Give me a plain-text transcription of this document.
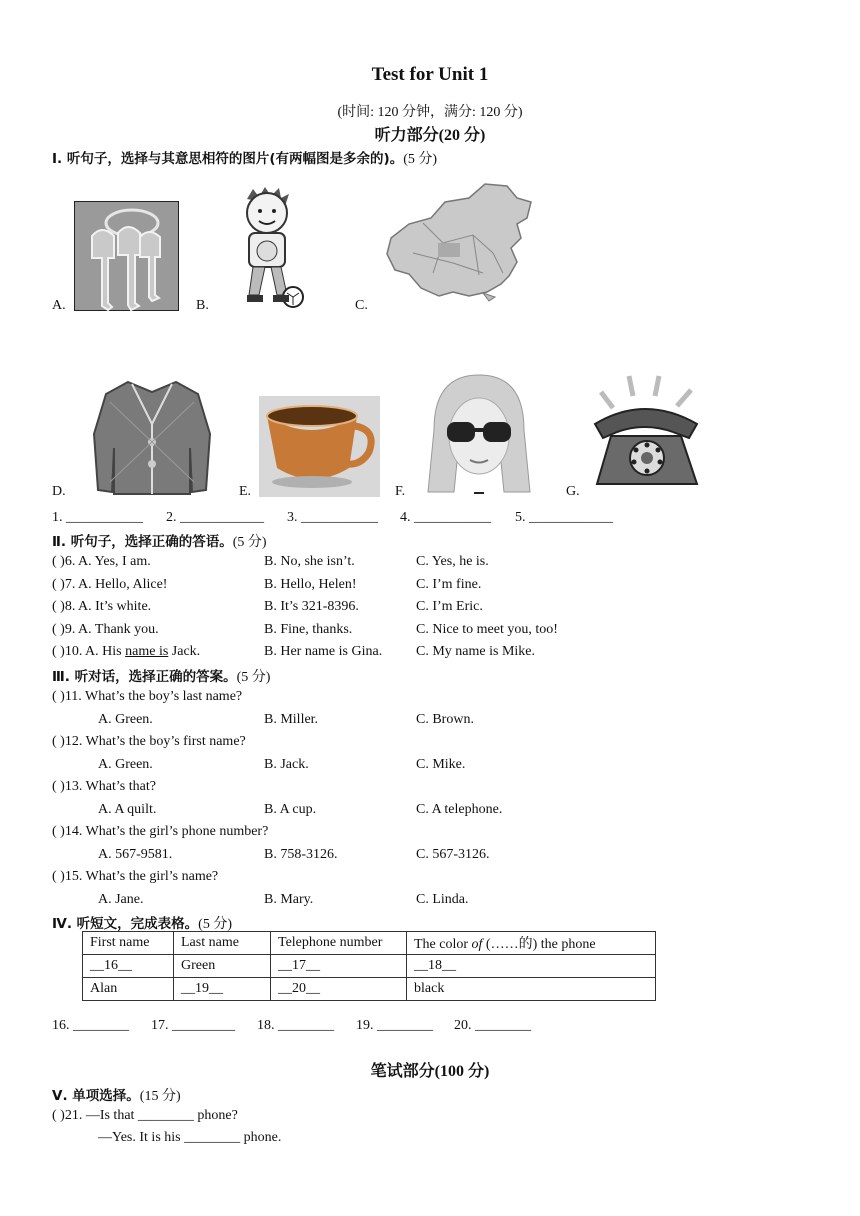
Test for Unit 1
(时间: 120 分钟，满分: 120 分)
听力部分(20 分)
Ⅰ. 听句子，选择与其意思相符的图片(有两幅图是多余的)。(5 分)
A.	B.	C.
D.	E.	F.	G.
1. ___________ 2. ____________ 3. ___________ 4. ___________ 5. ____________
Ⅱ. 听句子，选择正确的答语。(5 分)
( )6. A. Yes, I am.	B. No, she isn’t.	C. Yes, he is.
( )7. A. Hello, Alice!	B. Hello, Helen!	C. I’m fine.
( )8. A. It’s white.	B. It’s 321-8396.	C. I’m Eric.
( )9. A. Thank you.	B. Fine, thanks.	C. Nice to meet you, too!
( )10. A. His name is Jack.	B. Her name is Gina. C. My name is Mike.
Ⅲ. 听对话，选择正确的答案。(5 分)
( )11. What’s the boy’s last name?
A. Green.	B. Miller.	C. Brown.
( )12. What’s the boy’s first name?
A. Green.	B. Jack.	C. Mike.
( )13. What’s that?
A. A quilt.	B. A cup.	C. A telephone.
( )14. What’s the girl’s phone number?
A. 567-9581.	B. 758-3126.	C. 567-3126.
( )15. What’s the girl’s name?
A. Jane.	B. Mary.	C. Linda.
Ⅳ. 听短文，完成表格。(5 分)
First name	Last name	Telephone number	The color of (……的) the phone
__16__	Green	__17__	__18__
Alan	__19__	__20__	black
16. ________ 17. _________ 18. ________ 19. ________ 20. ________
笔试部分(100 分)
Ⅴ. 单项选择。(15 分)
( )21. —Is that ________ phone?
—Yes. It is his ________ phone.
